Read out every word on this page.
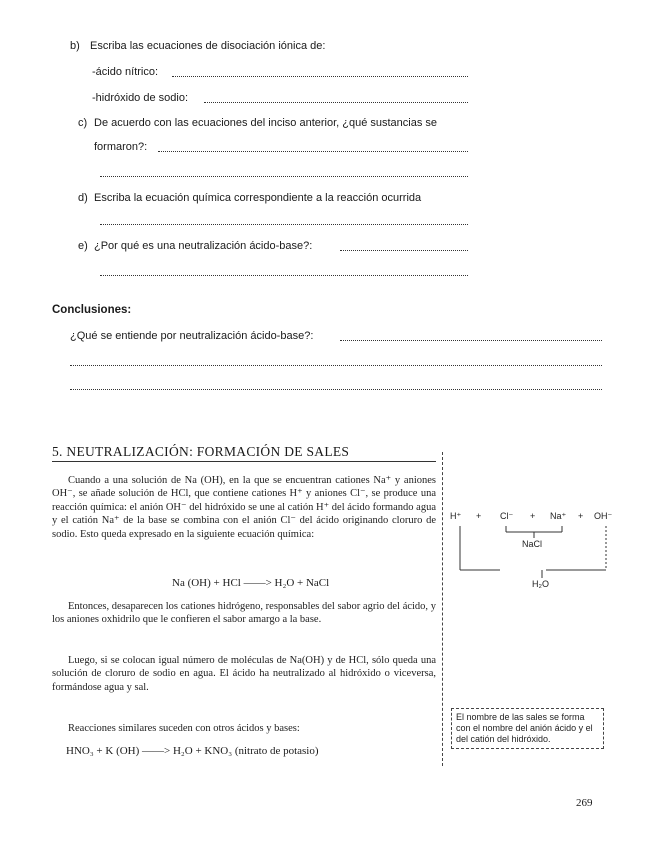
b) Escriba las ecuaciones de disociación iónica de:
-ácido nítrico:
-hidróxido de sodio:
c) De acuerdo con las ecuaciones del inciso anterior, ¿qué sustancias se
formaron?:
d) Escriba la ecuación química correspondiente a la reacción ocurrida
e) ¿Por qué es una neutralización ácido-base?:
Conclusiones:
¿Qué se entiende por neutralización ácido-base?:
5. NEUTRALIZACIÓN: FORMACIÓN DE SALES
Cuando a una solución de Na (OH), en la que se encuentran cationes Na⁺ y aniones OH⁻, se añade solución de HCl, que contiene cationes H⁺ y aniones Cl⁻, se produce una reacción química: el anión OH⁻ del hidróxido se une al catión H⁺ del ácido formando agua y el catión Na⁺ de la base se combina con el anión Cl⁻ del ácido originando cloruro de sodio. Esto queda expresado en la siguiente ecuación química:
Na (OH) + HCl ——> H₂O + NaCl
Entonces, desaparecen los cationes hidrógeno, responsables del sabor agrio del ácido, y los aniones oxhidrilo que le confieren el sabor amargo a la base.
Luego, si se colocan igual número de moléculas de Na(OH) y de HCl, sólo queda una solución de cloruro de sodio en agua. El ácido ha neutralizado al hidróxido o viceversa, formándose agua y sal.
Reacciones similares suceden con otros ácidos y bases:
HNO₃ + K (OH) ——> H₂O + KNO₃ (nitrato de potasio)
H⁺ + Cl⁻ + Na⁺ + OH⁻
NaCl
H₂O
El nombre de las sales se forma con el nombre del anión ácido y el del catión del hidróxido.
269
